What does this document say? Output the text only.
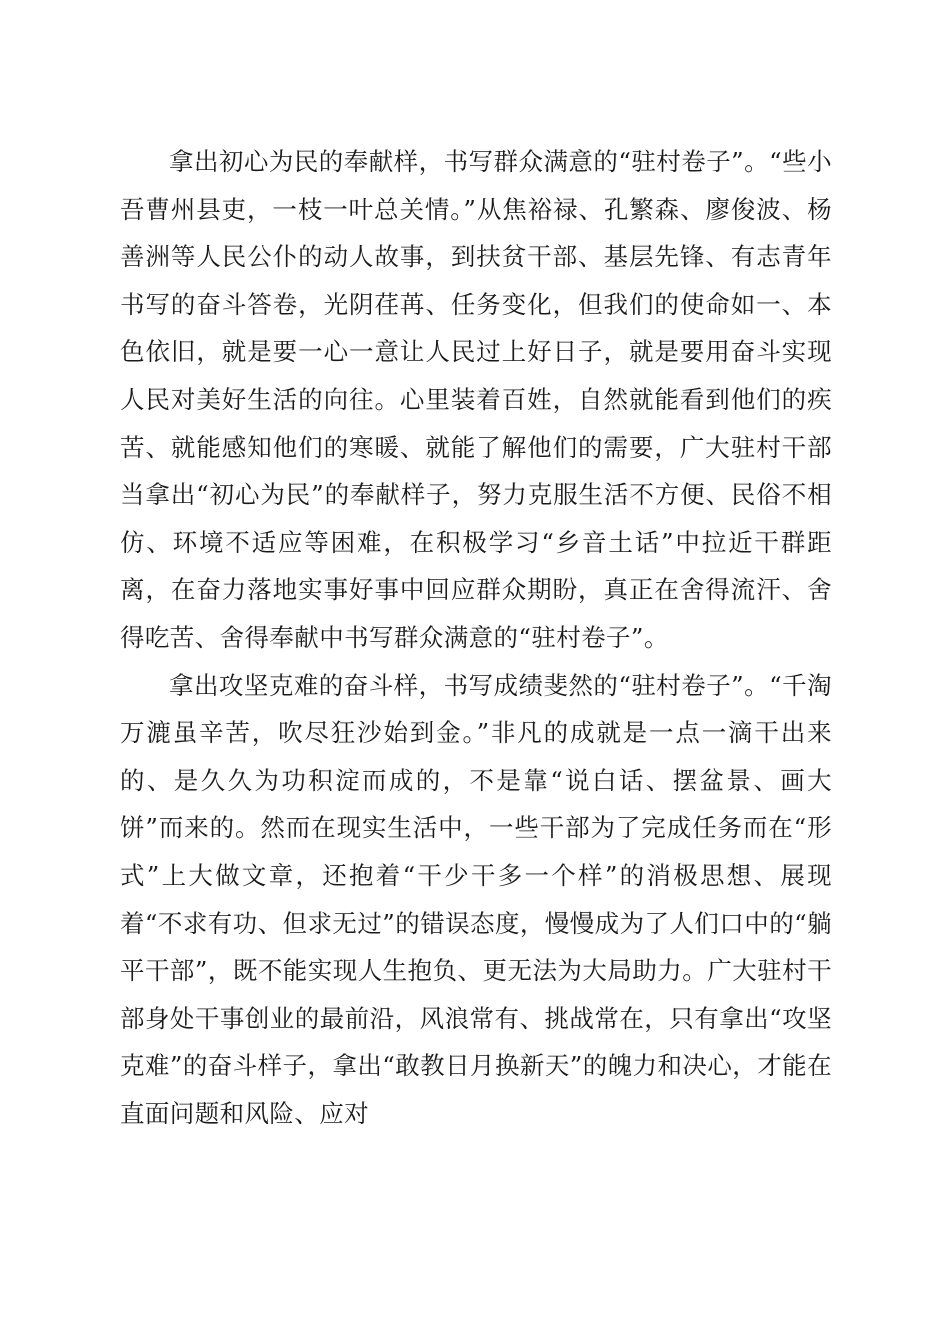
拿出初心为民的奉献样，书写群众满意的“驻村卷子”。“些小吾曹州县吏，一枝一叶总关情。”从焦裕禄、孔繁森、廖俊波、杨善洲等人民公仆的动人故事，到扶贫干部、基层先锋、有志青年书写的奋斗答卷，光阴荏苒、任务变化，但我们的使命如一、本色依旧，就是要一心一意让人民过上好日子，就是要用奋斗实现人民对美好生活的向往。心里装着百姓，自然就能看到他们的疾苦、就能感知他们的寒暖、就能了解他们的需要，广大驻村干部当拿出“初心为民”的奉献样子，努力克服生活不方便、民俗不相仿、环境不适应等困难，在积极学习“乡音土话”中拉近干群距离，在奋力落地实事好事中回应群众期盼，真正在舍得流汗、舍得吃苦、舍得奉献中书写群众满意的“驻村卷子”。

拿出攻坚克难的奋斗样，书写成绩斐然的“驻村卷子”。“千淘万漉虽辛苦，吹尽狂沙始到金。”非凡的成就是一点一滴干出来的、是久久为功积淀而成的，不是靠“说白话、摆盆景、画大饼”而来的。然而在现实生活中，一些干部为了完成任务而在“形式”上大做文章，还抱着“干少干多一个样”的消极思想、展现着“不求有功、但求无过”的错误态度，慢慢成为了人们口中的“躺平干部”，既不能实现人生抱负、更无法为大局助力。广大驻村干部身处干事创业的最前沿，风浪常有、挑战常在，只有拿出“攻坚克难”的奋斗样子，拿出“敢教日月换新天”的魄力和决心，才能在直面问题和风险、应对
